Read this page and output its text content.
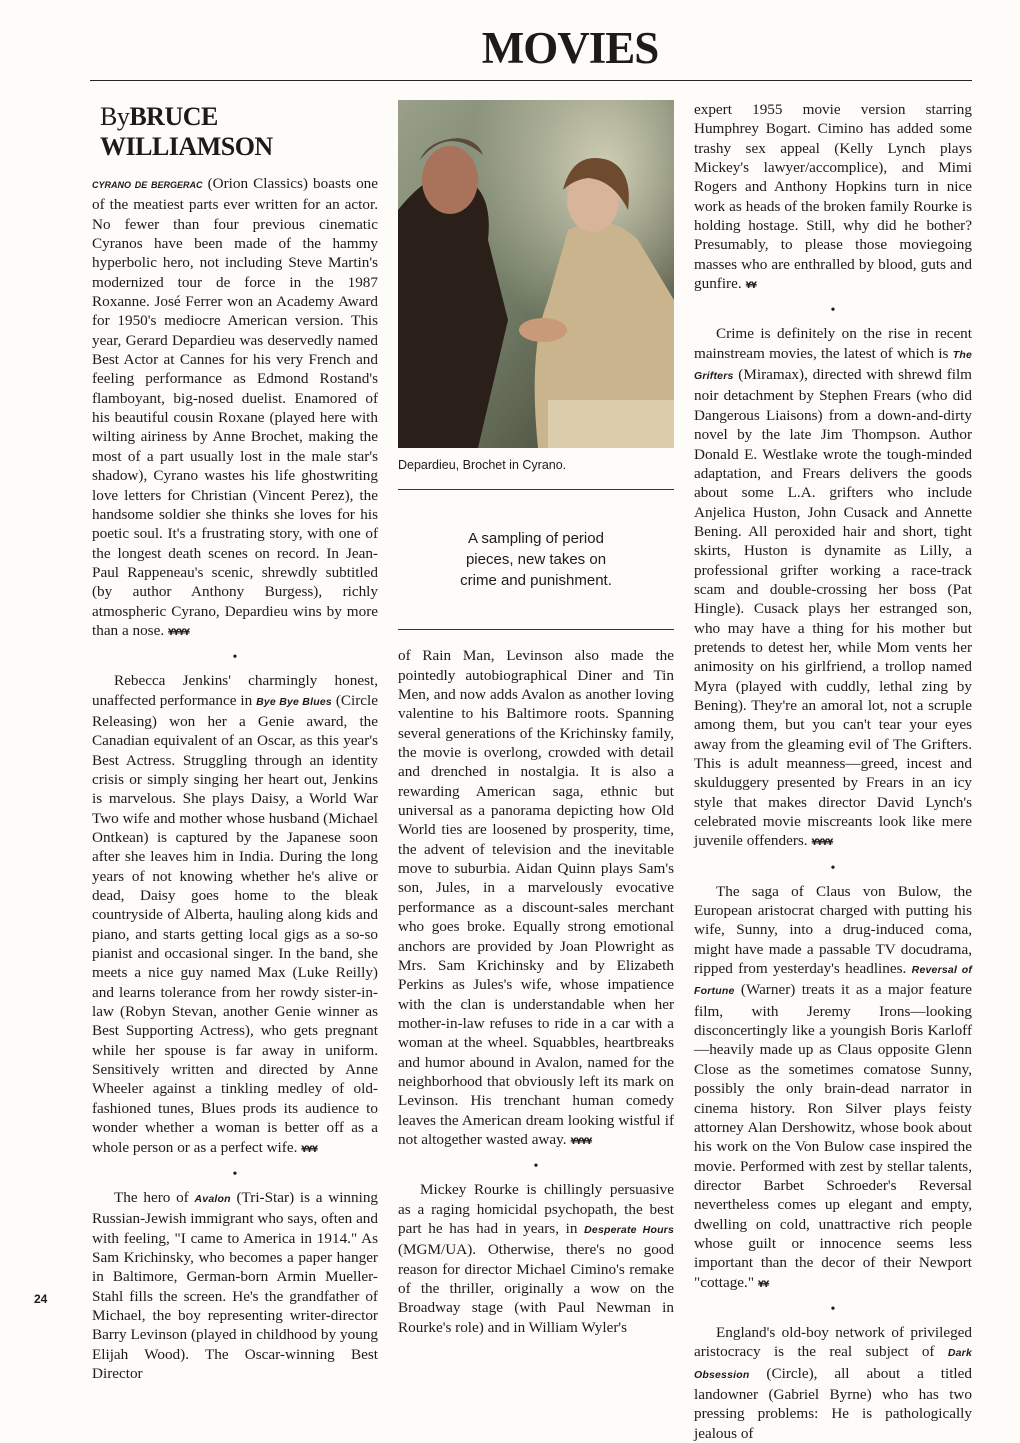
MOVIES
ByBRUCE WILLIAMSON

CYRANO DE BERGERAC (Orion Classics) boasts one of the meatiest parts ever written for an actor. No fewer than four previous cinematic Cyranos have been made of the hammy hyperbolic hero, not including Steve Martin's modernized tour de force in the 1987 Roxanne. José Ferrer won an Academy Award for 1950's mediocre American version. This year, Gerard Depardieu was deservedly named Best Actor at Cannes for his very French and feeling performance as Edmond Rostand's flamboyant, big-nosed duelist. Enamored of his beautiful cousin Roxane (played here with wilting airiness by Anne Brochet, making the most of a part usually lost in the male star's shadow), Cyrano wastes his life ghostwriting love letters for Christian (Vincent Perez), the handsome soldier she thinks she loves for his poetic soul. It's a frustrating story, with one of the longest death scenes on record. In Jean-Paul Rappeneau's scenic, shrewdly subtitled (by author Anthony Burgess), richly atmospheric Cyrano, Depardieu wins by more than a nose. ¥¥¥¥

•

Rebecca Jenkins' charmingly honest, unaffected performance in Bye Bye Blues (Circle Releasing) won her a Genie award, the Canadian equivalent of an Oscar, as this year's Best Actress. Struggling through an identity crisis or simply singing her heart out, Jenkins is marvelous. She plays Daisy, a World War Two wife and mother whose husband (Michael Ontkean) is captured by the Japanese soon after she leaves him in India. During the long years of not knowing whether he's alive or dead, Daisy goes home to the bleak countryside of Alberta, hauling along kids and piano, and starts getting local gigs as a so-so pianist and occasional singer. In the band, she meets a nice guy named Max (Luke Reilly) and learns tolerance from her rowdy sister-in-law (Robyn Stevan, another Genie winner as Best Supporting Actress), who gets pregnant while her spouse is far away in uniform. Sensitively written and directed by Anne Wheeler against a tinkling medley of old-fashioned tunes, Blues prods its audience to wonder whether a woman is better off as a whole person or as a perfect wife. ¥¥¥

•

The hero of Avalon (Tri-Star) is a winning Russian-Jewish immigrant who says, often and with feeling, "I came to America in 1914." As Sam Krichinsky, who becomes a paper hanger in Baltimore, German-born Armin Mueller-Stahl fills the screen. He's the grandfather of Michael, the boy representing writer-director Barry Levinson (played in childhood by young Elijah Wood). The Oscar-winning Best Director

Depardieu, Brochet in Cyrano.
A sampling of period pieces, new takes on crime and punishment.

of Rain Man, Levinson also made the pointedly autobiographical Diner and Tin Men, and now adds Avalon as another loving valentine to his Baltimore roots. Spanning several generations of the Krichinsky family, the movie is overlong, crowded with detail and drenched in nostalgia. It is also a rewarding American saga, ethnic but universal as a panorama depicting how Old World ties are loosened by prosperity, time, the advent of television and the inevitable move to suburbia. Aidan Quinn plays Sam's son, Jules, in a marvelously evocative performance as a discount-sales merchant who goes broke. Equally strong emotional anchors are provided by Joan Plowright as Mrs. Sam Krichinsky and by Elizabeth Perkins as Jules's wife, whose impatience with the clan is understandable when her mother-in-law refuses to ride in a car with a woman at the wheel. Squabbles, heartbreaks and humor abound in Avalon, named for the neighborhood that obviously left its mark on Levinson. His trenchant human comedy leaves the American dream looking wistful if not altogether wasted away. ¥¥¥¥

•

Mickey Rourke is chillingly persuasive as a raging homicidal psychopath, the best part he has had in years, in Desperate Hours (MGM/UA). Otherwise, there's no good reason for director Michael Cimino's remake of the thriller, originally a wow on the Broadway stage (with Paul Newman in Rourke's role) and in William Wyler's

expert 1955 movie version starring Humphrey Bogart. Cimino has added some trashy sex appeal (Kelly Lynch plays Mickey's lawyer/accomplice), and Mimi Rogers and Anthony Hopkins turn in nice work as heads of the broken family Rourke is holding hostage. Still, why did he bother? Presumably, to please those moviegoing masses who are enthralled by blood, guts and gunfire. ¥¥

•

Crime is definitely on the rise in recent mainstream movies, the latest of which is The Grifters (Miramax), directed with shrewd film noir detachment by Stephen Frears (who did Dangerous Liaisons) from a down-and-dirty novel by the late Jim Thompson. Author Donald E. Westlake wrote the tough-minded adaptation, and Frears delivers the goods about some L.A. grifters who include Anjelica Huston, John Cusack and Annette Bening. All peroxided hair and short, tight skirts, Huston is dynamite as Lilly, a professional grifter working a race-track scam and double-crossing her boss (Pat Hingle). Cusack plays her estranged son, who may have a thing for his mother but pretends to detest her, while Mom vents her animosity on his girlfriend, a trollop named Myra (played with cuddly, lethal zing by Bening). They're an amoral lot, not a scruple among them, but you can't tear your eyes away from the gleaming evil of The Grifters. This is adult meanness—greed, incest and skulduggery presented by Frears in an icy style that makes director David Lynch's celebrated movie miscreants look like mere juvenile offenders. ¥¥¥¥

•

The saga of Claus von Bulow, the European aristocrat charged with putting his wife, Sunny, into a drug-induced coma, might have made a passable TV docudrama, ripped from yesterday's headlines. Reversal of Fortune (Warner) treats it as a major feature film, with Jeremy Irons—looking disconcertingly like a youngish Boris Karloff—heavily made up as Claus opposite Glenn Close as the sometimes comatose Sunny, possibly the only brain-dead narrator in cinema history. Ron Silver plays feisty attorney Alan Dershowitz, whose book about his work on the Von Bulow case inspired the movie. Performed with zest by stellar talents, director Barbet Schroeder's Reversal nevertheless comes up elegant and empty, dwelling on cold, unattractive rich people whose guilt or innocence seems less important than the decor of their Newport "cottage." ¥¥

•

England's old-boy network of privileged aristocracy is the real subject of Dark Obsession (Circle), all about a titled landowner (Gabriel Byrne) who has two pressing problems: He is pathologically jealous of

24
